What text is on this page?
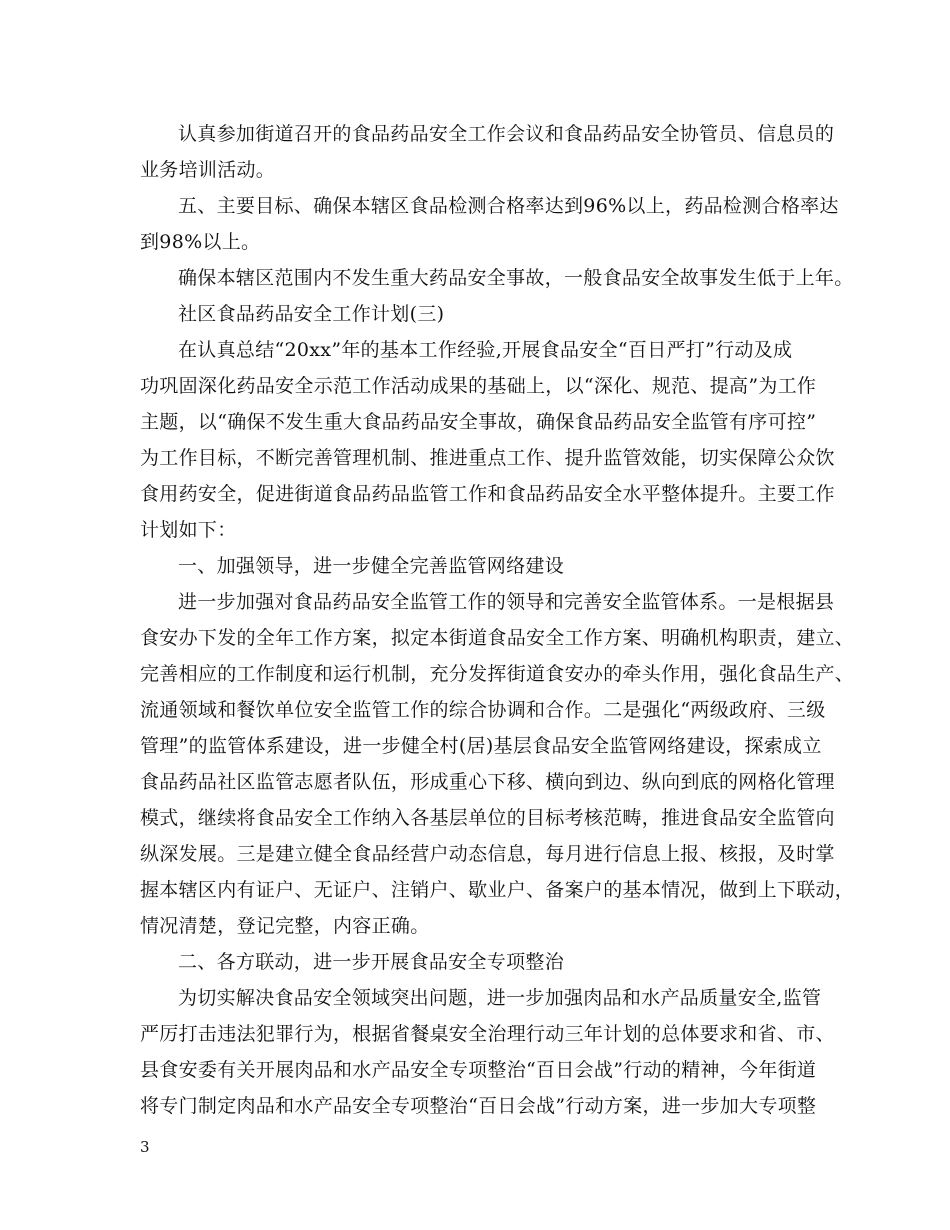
认真参加街道召开的食品药品安全工作会议和食品药品安全协管员、信息员的
业务培训活动。
五、主要目标、确保本辖区食品检测合格率达到96%以上，药品检测合格率达
到98%以上。
确保本辖区范围内不发生重大药品安全事故，一般食品安全故事发生低于上年。
社区食品药品安全工作计划(三)
在认真总结“20xx”年的基本工作经验,开展食品安全“百日严打”行动及成
功巩固深化药品安全示范工作活动成果的基础上，以“深化、规范、提高”为工作
主题，以“确保不发生重大食品药品安全事故，确保食品药品安全监管有序可控”
为工作目标，不断完善管理机制、推进重点工作、提升监管效能，切实保障公众饮
食用药安全，促进街道食品药品监管工作和食品药品安全水平整体提升。主要工作
计划如下：
一、加强领导，进一步健全完善监管网络建设
进一步加强对食品药品安全监管工作的领导和完善安全监管体系。一是根据县
食安办下发的全年工作方案，拟定本街道食品安全工作方案、明确机构职责，建立、
完善相应的工作制度和运行机制，充分发挥街道食安办的牵头作用，强化食品生产、
流通领域和餐饮单位安全监管工作的综合协调和合作。二是强化“两级政府、三级
管理”的监管体系建设，进一步健全村(居)基层食品安全监管网络建设，探索成立
食品药品社区监管志愿者队伍，形成重心下移、横向到边、纵向到底的网格化管理
模式，继续将食品安全工作纳入各基层单位的目标考核范畴，推进食品安全监管向
纵深发展。三是建立健全食品经营户动态信息，每月进行信息上报、核报，及时掌
握本辖区内有证户、无证户、注销户、歇业户、备案户的基本情况，做到上下联动，
情况清楚，登记完整，内容正确。
二、各方联动，进一步开展食品安全专项整治
为切实解决食品安全领域突出问题，进一步加强肉品和水产品质量安全,监管
严厉打击违法犯罪行为，根据省餐桌安全治理行动三年计划的总体要求和省、市、
县食安委有关开展肉品和水产品安全专项整治“百日会战”行动的精神，今年街道
将专门制定肉品和水产品安全专项整治“百日会战”行动方案，进一步加大专项整
3
